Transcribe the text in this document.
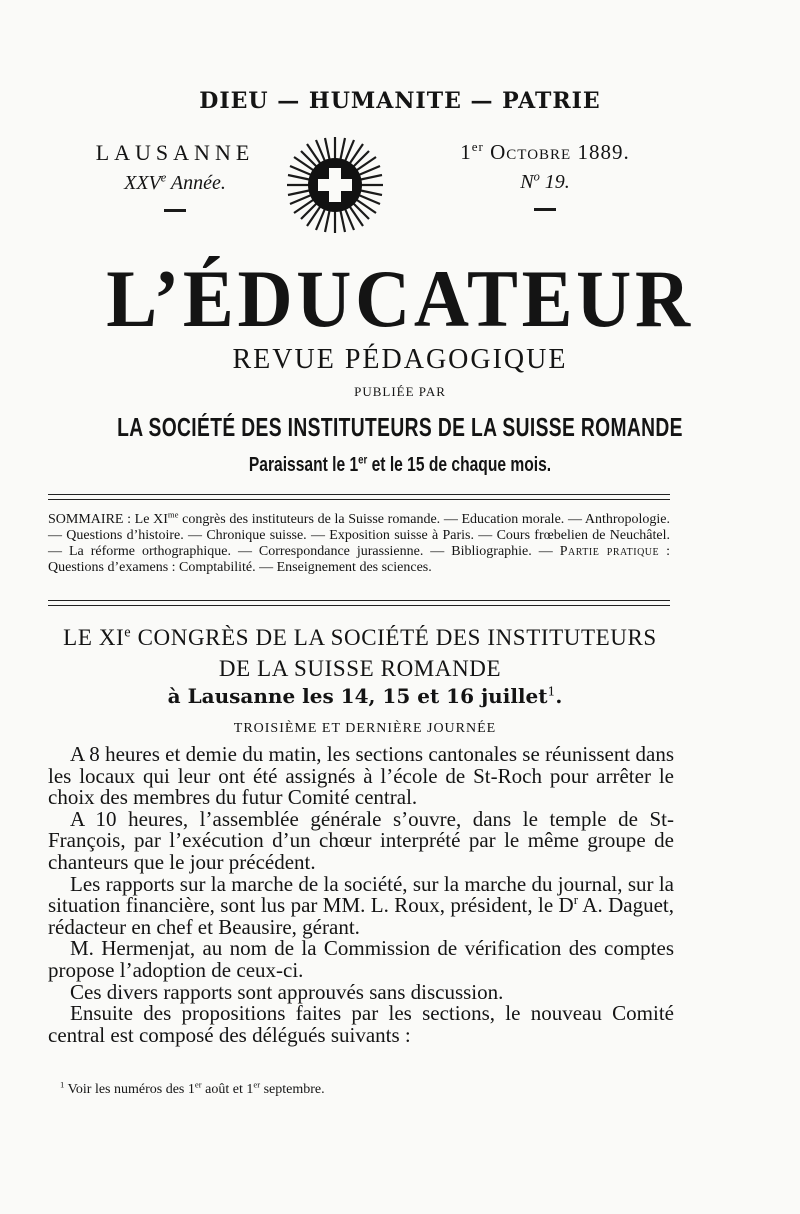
DIEU — HUMANITE — PATRIE
LAUSANNE
XXVe Année.
1er Octobre 1889.
$N^o$ 19.
L’ÉDUCATEUR
REVUE PÉDAGOGIQUE
PUBLIÉE PAR
LA SOCIÉTÉ DES INSTITUTEURS DE LA SUISSE ROMANDE
Paraissant le 1er et le 15 de chaque mois.
SOMMAIRE : Le $XI^{me}$ congrès des instituteurs de la Suisse romande. — Education morale. — Anthropologie. — Questions d’histoire. — Chronique suisse. — Exposition suisse à Paris. — Cours frœbelien de Neuchâtel. — La réforme orthographique. — Correspondance jurassienne. — Bibliographie. — Partie pratique : Questions d’examens : Comptabilité. — Enseignement des sciences.
LE XIe CONGRÈS DE LA SOCIÉTÉ DES INSTITUTEURS
DE LA SUISSE ROMANDE
à Lausanne les 14, 15 et 16 juillet$^1$.
TROISIÈME ET DERNIÈRE JOURNÉE

A 8 heures et demie du matin, les sections cantonales se réunissent dans les locaux qui leur ont été assignés à l’école de St-Roch pour arrêter le choix des membres du futur Comité central.

A 10 heures, l’assemblée générale s’ouvre, dans le temple de St-François, par l’exécution d’un chœur interprété par le même groupe de chanteurs que le jour précédent.

Les rapports sur la marche de la société, sur la marche du journal, sur la situation financière, sont lus par MM. L. Roux, président, le $D^r$ A. Daguet, rédacteur en chef et Beausire, gérant.

M. Hermenjat, au nom de la Commission de vérification des comptes propose l’adoption de ceux-ci.

Ces divers rapports sont approuvés sans discussion.

Ensuite des propositions faites par les sections, le nouveau Comité central est composé des délégués suivants :

$^1$ Voir les numéros des 1er août et 1er septembre.
